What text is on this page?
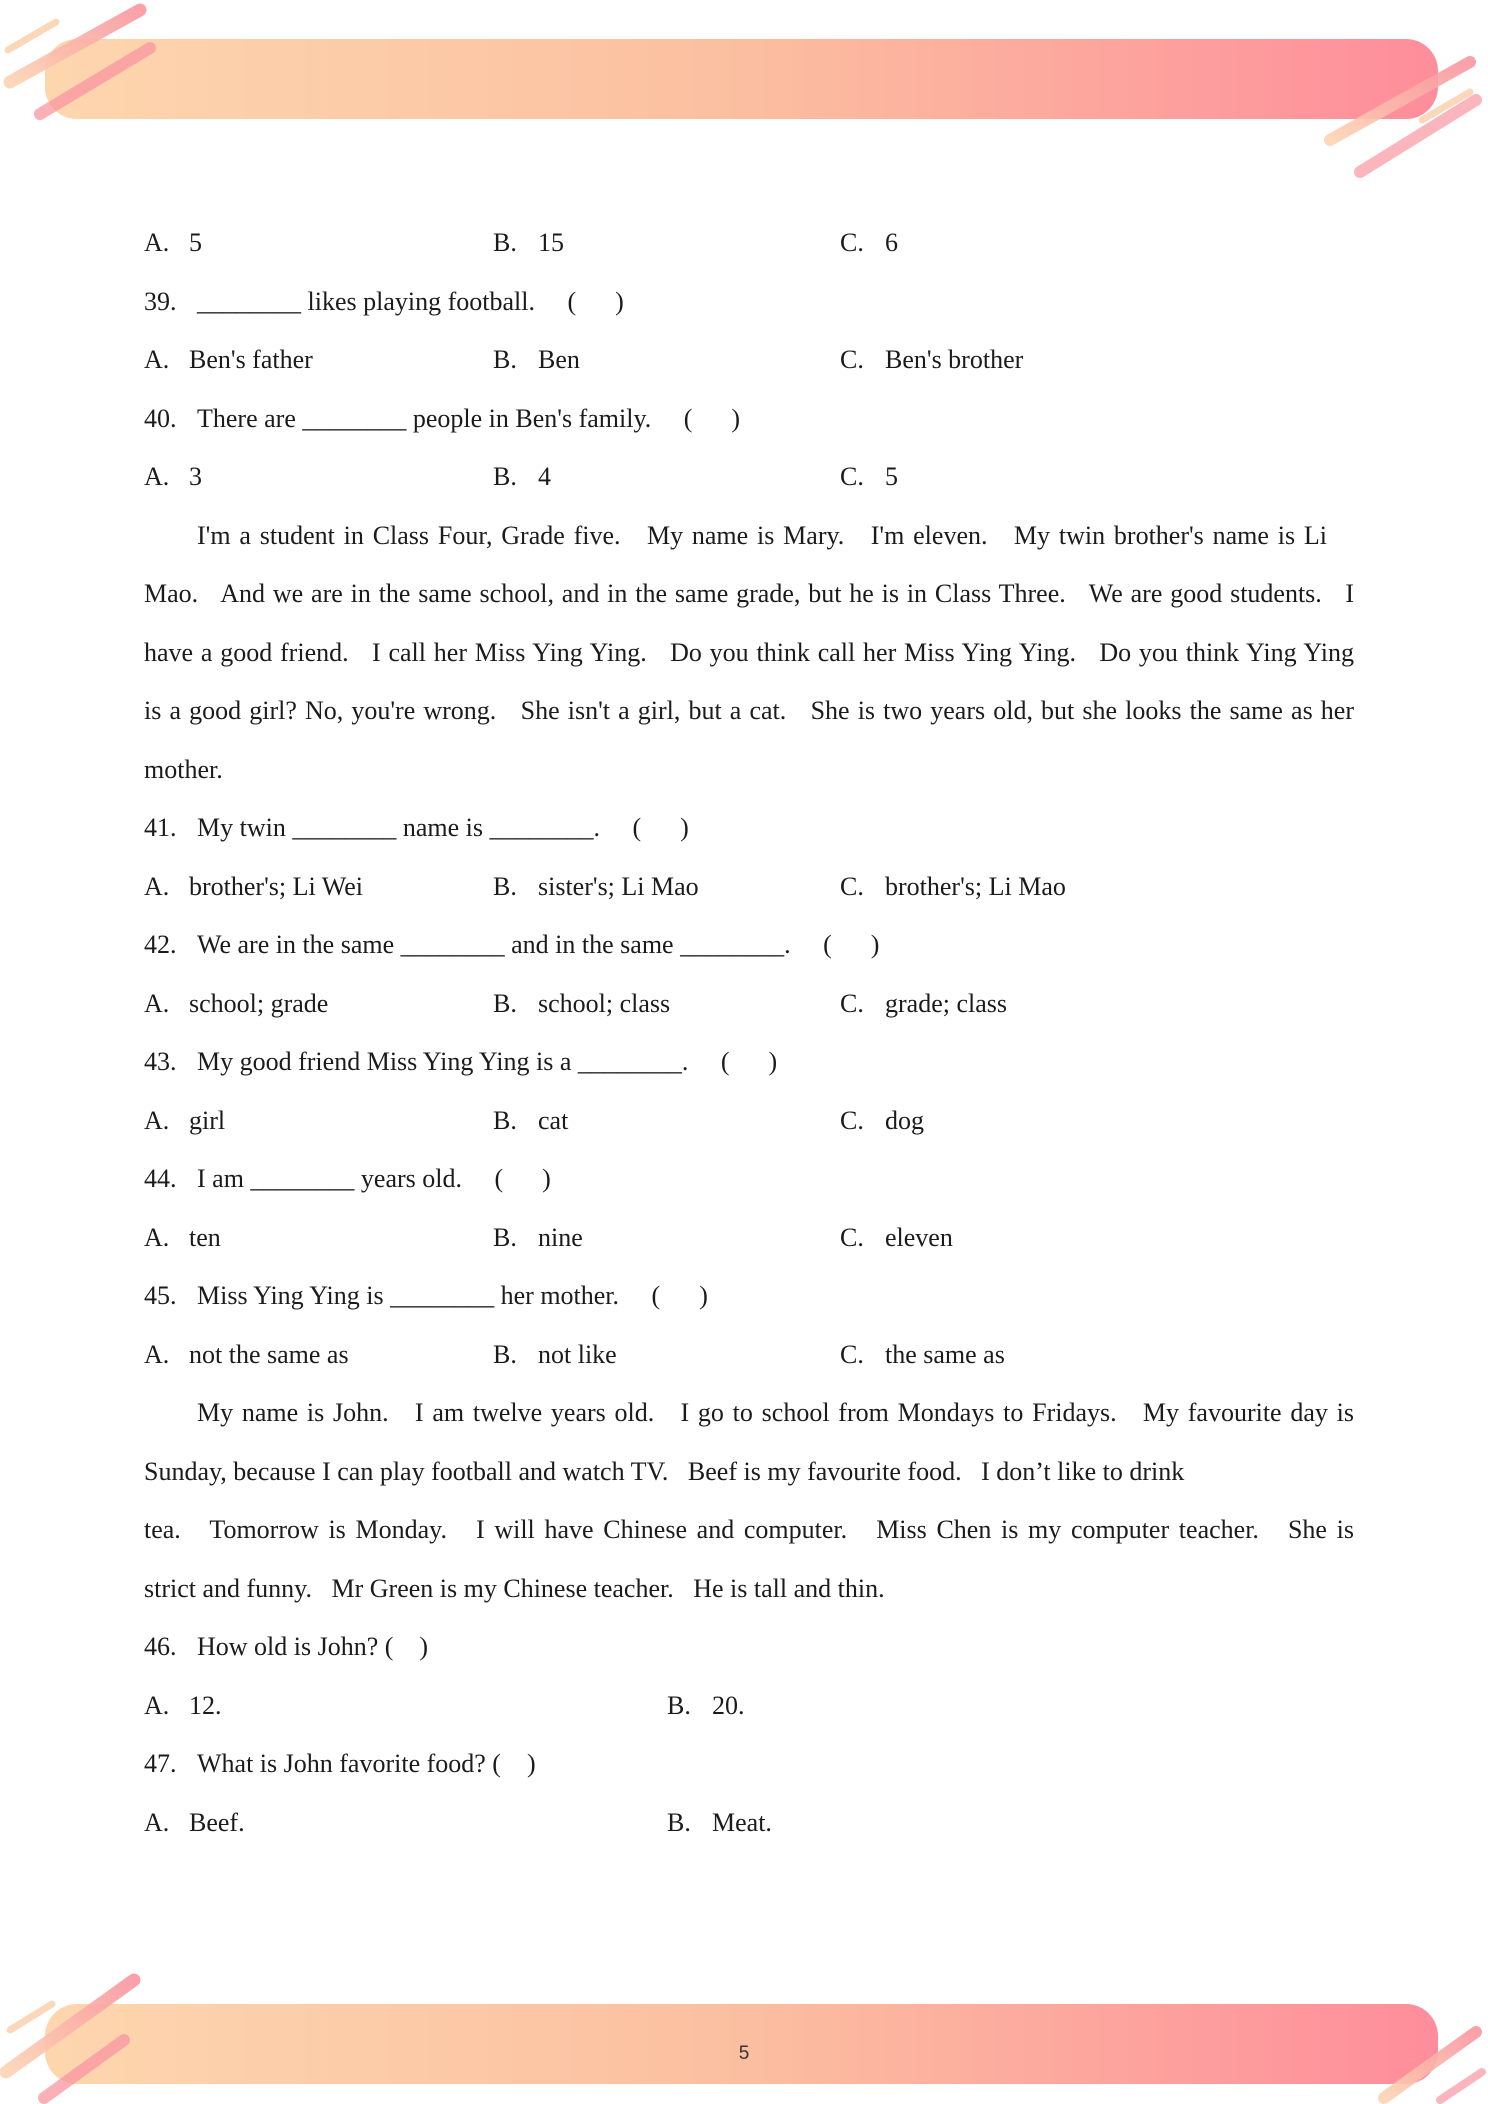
A. 5	B. 15	C. 6
39. ________ likes playing football.     (      )
A. Ben's father	B. Ben	C. Ben's brother
40. There are ________ people in Ben's family.     (      )
A. 3	B. 4	C. 5
I'm a student in Class Four, Grade five.   My name is Mary.   I'm eleven.   My twin brother's name is Li
Mao.   And we are in the same school, and in the same grade, but he is in Class Three.   We are good students.   I
have a good friend.   I call her Miss Ying Ying.   Do you think call her Miss Ying Ying.   Do you think Ying Ying
is a good girl? No, you're wrong.   She isn't a girl, but a cat.   She is two years old, but she looks the same as her
mother.
41. My twin ________ name is ________.     (      )
A. brother's; Li Wei	B. sister's; Li Mao	C. brother's; Li Mao
42. We are in the same ________ and in the same ________.     (      )
A. school; grade	B. school; class	C. grade; class
43. My good friend Miss Ying Ying is a ________.     (      )
A. girl	B. cat	C. dog
44. I am ________ years old.     (      )
A. ten	B. nine	C. eleven
45. Miss Ying Ying is ________ her mother.     (      )
A. not the same as	B. not like	C. the same as
My name is John.   I am twelve years old.   I go to school from Mondays to Fridays.   My favourite day is
Sunday, because I can play football and watch TV.   Beef is my favourite food.   I don’t like to drink
tea.   Tomorrow is Monday.   I will have Chinese and computer.   Miss Chen is my computer teacher.   She is
strict and funny.   Mr Green is my Chinese teacher.   He is tall and thin.
46. How old is John? (    )
A. 12.	B. 20.
47. What is John favorite food? (    )
A. Beef.	B. Meat.
5
